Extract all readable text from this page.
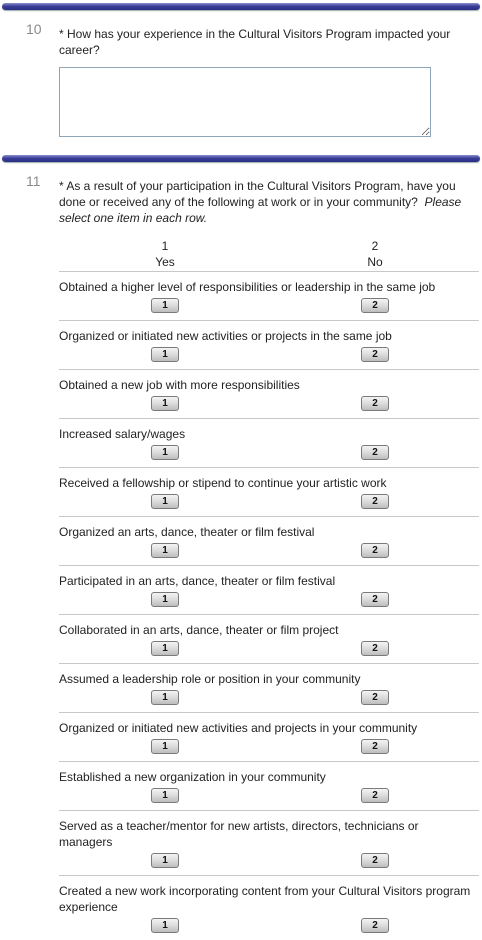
10 * How has your experience in the Cultural Visitors Program impacted your career?
11 * As a result of your participation in the Cultural Visitors Program, have you done or received any of the following at work or in your community? Please select one item in each row.
1
Yes
2
No
Obtained a higher level of responsibilities or leadership in the same job
1	2
Organized or initiated new activities or projects in the same job
1	2
Obtained a new job with more responsibilities
1	2
Increased salary/wages
1	2
Received a fellowship or stipend to continue your artistic work
1	2
Organized an arts, dance, theater or film festival
1	2
Participated in an arts, dance, theater or film festival
1	2
Collaborated in an arts, dance, theater or film project
1	2
Assumed a leadership role or position in your community
1	2
Organized or initiated new activities and projects in your community
1	2
Established a new organization in your community
1	2
Served as a teacher/mentor for new artists, directors, technicians or managers
1	2
Created a new work incorporating content from your Cultural Visitors program experience
1	2
